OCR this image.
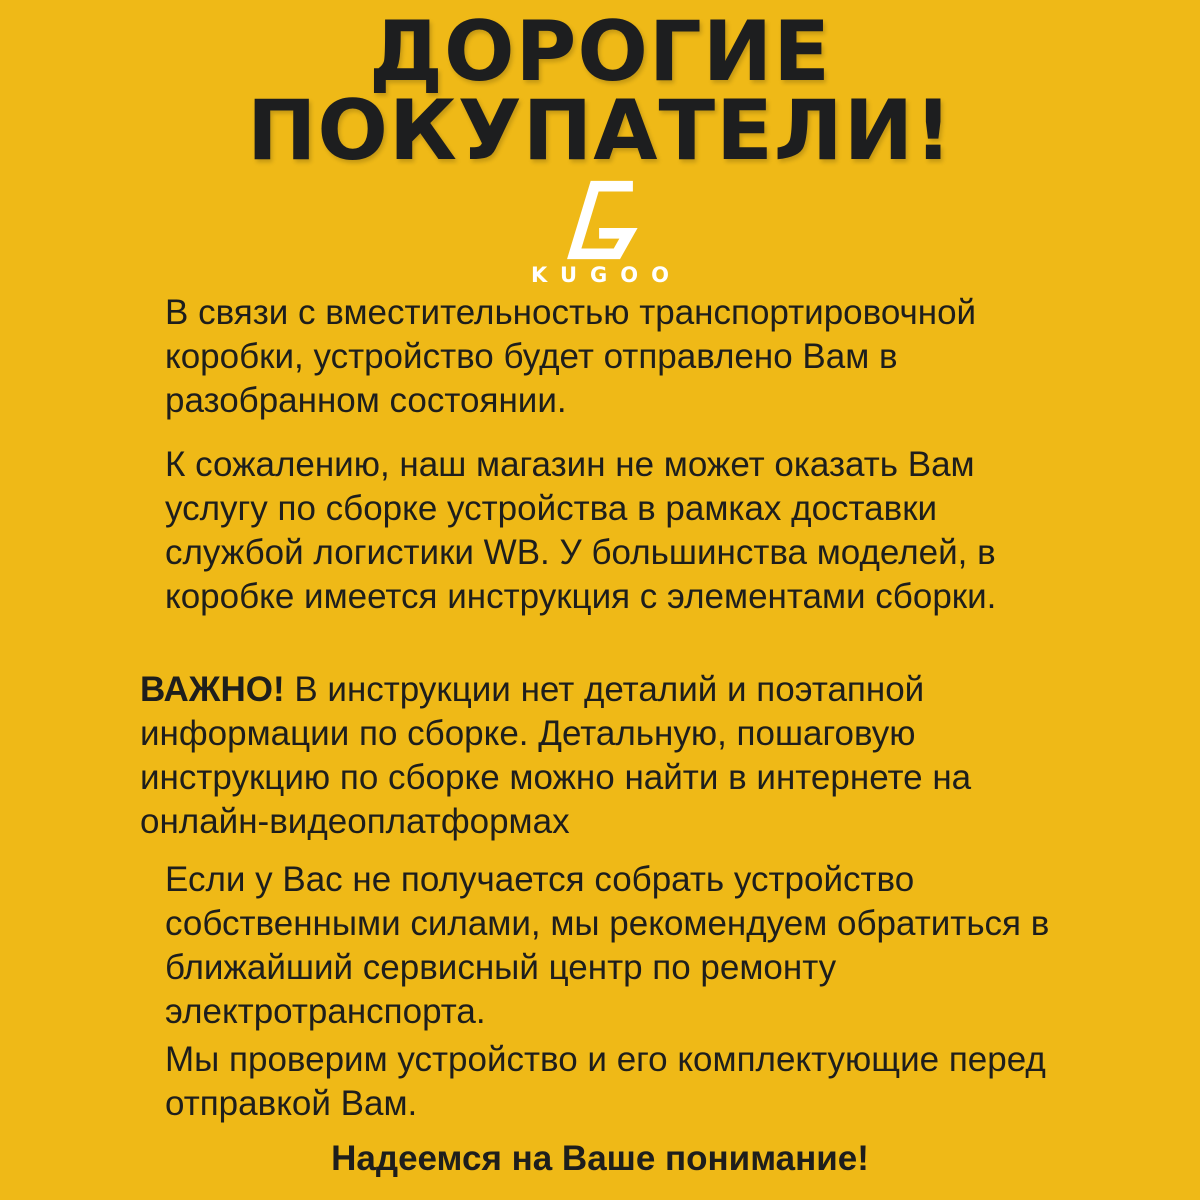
ДОРОГИЕ
ПОКУПАТЕЛИ!
KUGOO

В связи с вместительностью транспортировочной коробки, устройство будет отправлено Вам в разобранном состоянии.

К сожалению, наш магазин не может оказать Вам услугу по сборке устройства в рамках доставки службой логистики WB. У большинства моделей, в коробке имеется инструкция с элементами сборки.

ВАЖНО! В инструкции нет деталий и поэтапной информации по сборке. Детальную, пошаговую инструкцию по сборке можно найти в интернете на онлайн-видеоплатформах

Если у Вас не получается собрать устройство собственными силами, мы рекомендуем обратиться в ближайший сервисный центр по ремонту электротранспорта.

Мы проверим устройство и его комплектующие перед отправкой Вам.

Надеемся на Ваше понимание!
